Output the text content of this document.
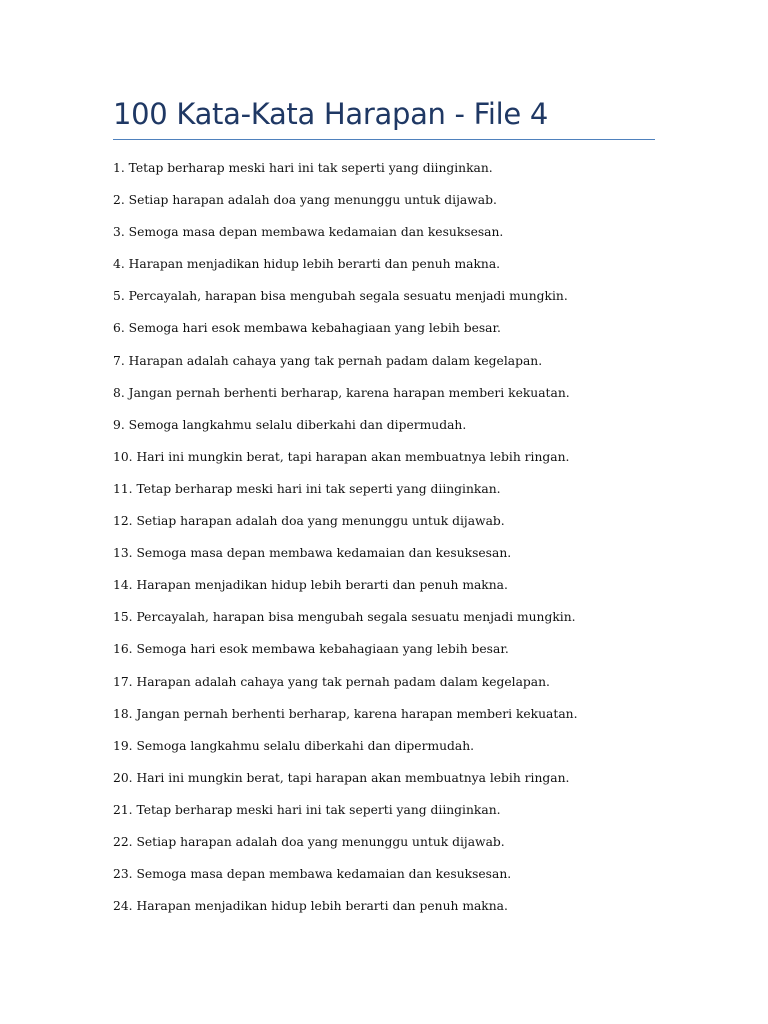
100 Kata-Kata Harapan - File 4
1. Tetap berharap meski hari ini tak seperti yang diinginkan.
2. Setiap harapan adalah doa yang menunggu untuk dijawab.
3. Semoga masa depan membawa kedamaian dan kesuksesan.
4. Harapan menjadikan hidup lebih berarti dan penuh makna.
5. Percayalah, harapan bisa mengubah segala sesuatu menjadi mungkin.
6. Semoga hari esok membawa kebahagiaan yang lebih besar.
7. Harapan adalah cahaya yang tak pernah padam dalam kegelapan.
8. Jangan pernah berhenti berharap, karena harapan memberi kekuatan.
9. Semoga langkahmu selalu diberkahi dan dipermudah.
10. Hari ini mungkin berat, tapi harapan akan membuatnya lebih ringan.
11. Tetap berharap meski hari ini tak seperti yang diinginkan.
12. Setiap harapan adalah doa yang menunggu untuk dijawab.
13. Semoga masa depan membawa kedamaian dan kesuksesan.
14. Harapan menjadikan hidup lebih berarti dan penuh makna.
15. Percayalah, harapan bisa mengubah segala sesuatu menjadi mungkin.
16. Semoga hari esok membawa kebahagiaan yang lebih besar.
17. Harapan adalah cahaya yang tak pernah padam dalam kegelapan.
18. Jangan pernah berhenti berharap, karena harapan memberi kekuatan.
19. Semoga langkahmu selalu diberkahi dan dipermudah.
20. Hari ini mungkin berat, tapi harapan akan membuatnya lebih ringan.
21. Tetap berharap meski hari ini tak seperti yang diinginkan.
22. Setiap harapan adalah doa yang menunggu untuk dijawab.
23. Semoga masa depan membawa kedamaian dan kesuksesan.
24. Harapan menjadikan hidup lebih berarti dan penuh makna.
